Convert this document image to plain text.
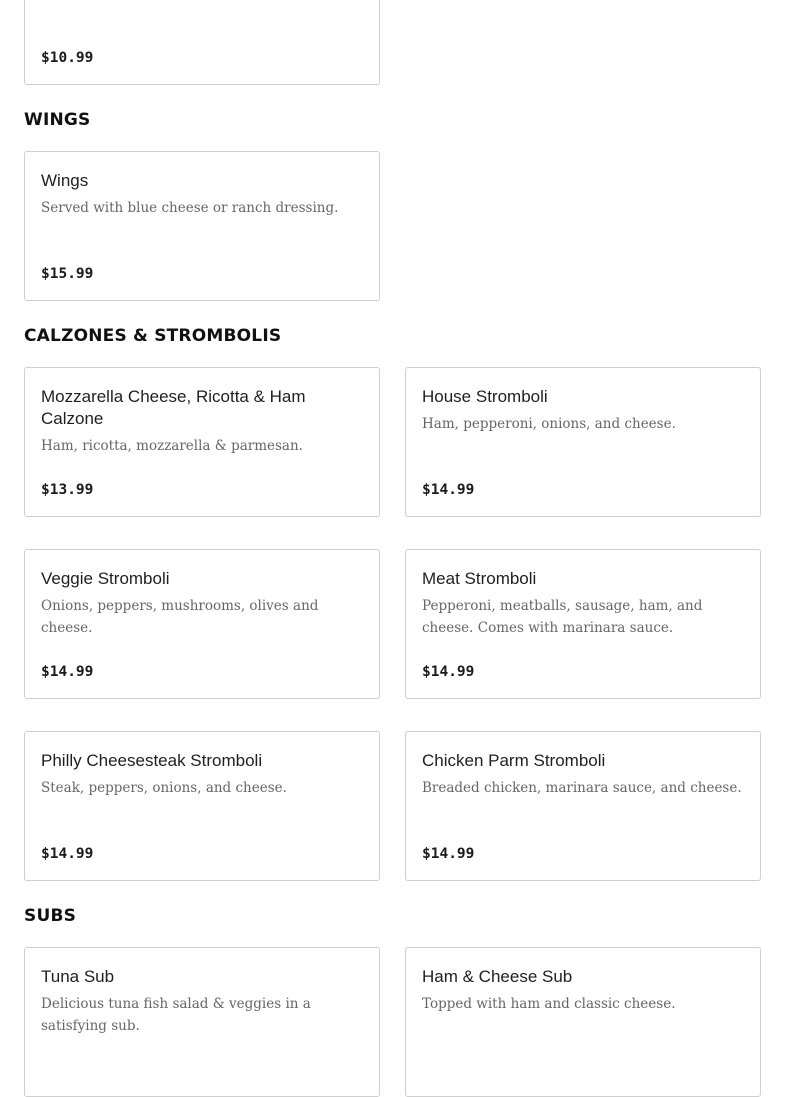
$10.99
WINGS

Wings

Served with blue cheese or ranch dressing.

$15.99
CALZONES & STROMBOLIS

Mozzarella Cheese, Ricotta & Ham Calzone

Ham, ricotta, mozzarella & parmesan.

$13.99

House Stromboli

Ham, pepperoni, onions, and cheese.

$14.99

Veggie Stromboli

Onions, peppers, mushrooms, olives and cheese.

$14.99

Meat Stromboli

Pepperoni, meatballs, sausage, ham, and cheese. Comes with marinara sauce.

$14.99

Philly Cheesesteak Stromboli

Steak, peppers, onions, and cheese.

$14.99

Chicken Parm Stromboli

Breaded chicken, marinara sauce, and cheese.

$14.99
SUBS

Tuna Sub

Delicious tuna fish salad & veggies in a satisfying sub.

Ham & Cheese Sub

Topped with ham and classic cheese.
